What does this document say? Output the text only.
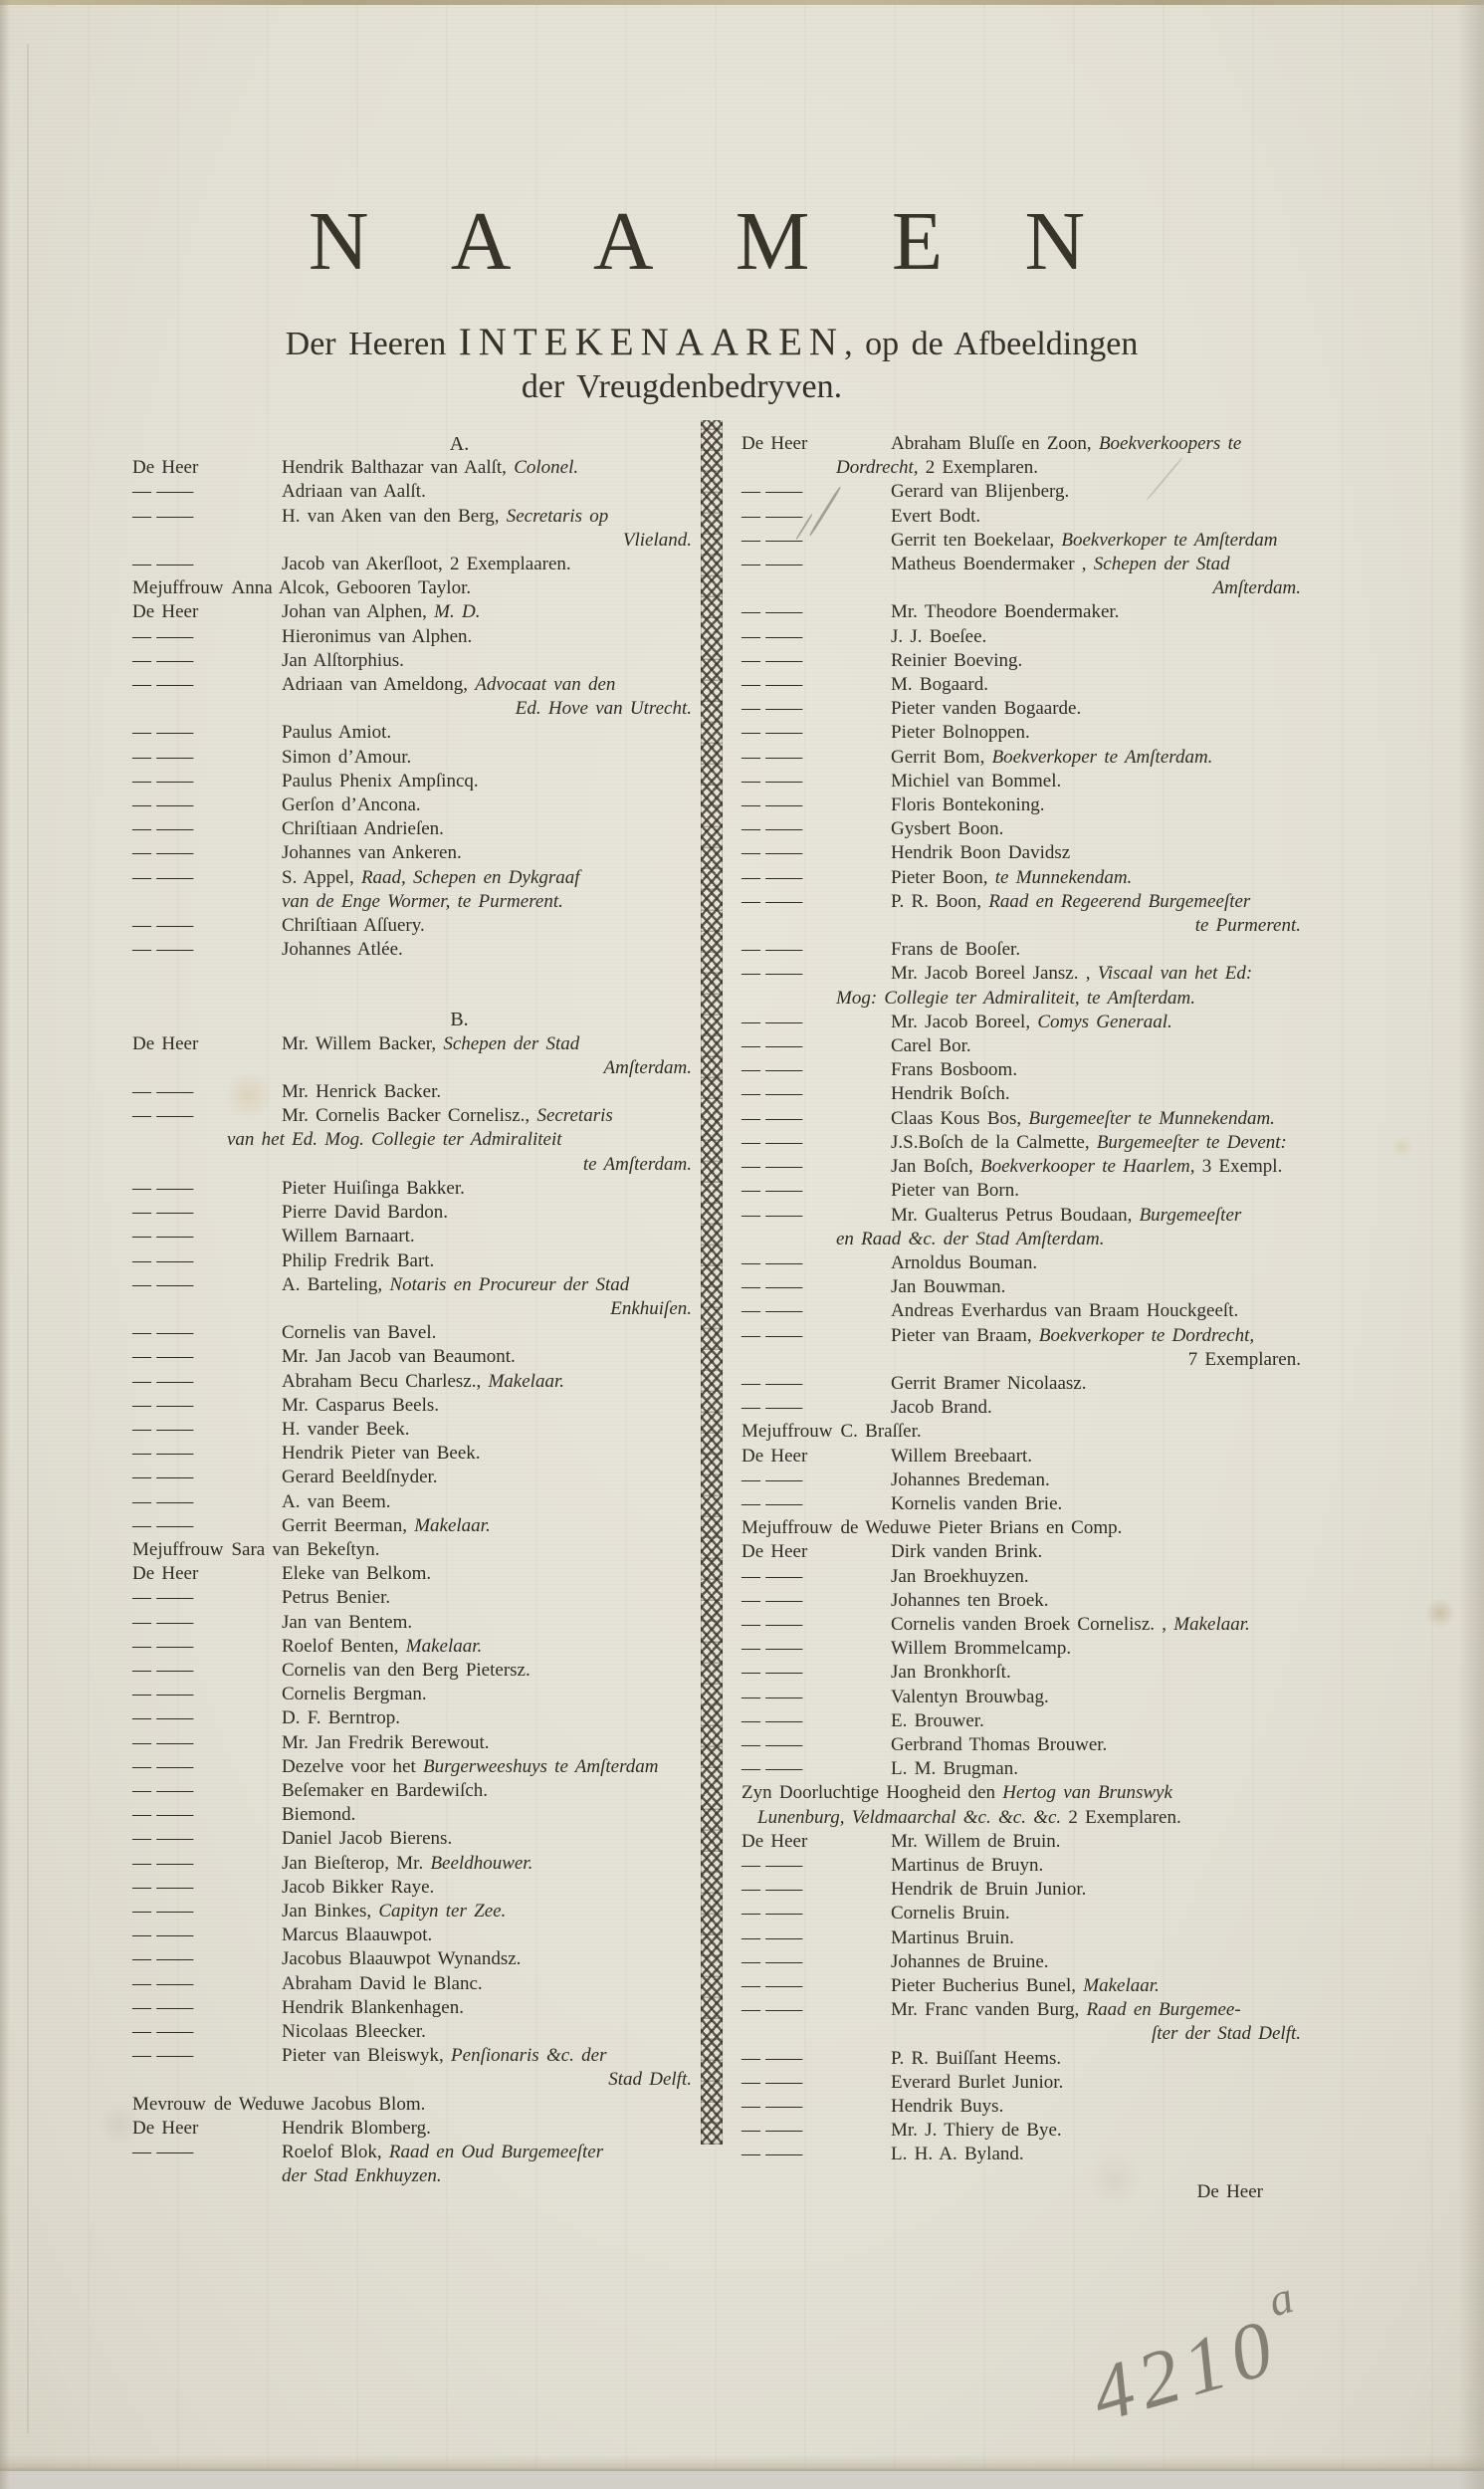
NAAMEN
Der Heeren INTEKENAAREN, op de Afbeeldingen
der Vreugdenbedryven.
A.
De Heer	Hendrik Balthazar van Aalſt, Colonel.
— ——	Adriaan van Aalſt.
— ——	H. van Aken van den Berg, Secretaris op
Vlieland.
— ——	Jacob van Akerſloot, 2 Exemplaaren.
Mejuffrouw Anna Alcok, Gebooren Taylor.
De Heer	Johan van Alphen, M. D.
— ——	Hieronimus van Alphen.
— ——	Jan Alſtorphius.
— ——	Adriaan van Ameldong, Advocaat van den
Ed. Hove van Utrecht.
— ——	Paulus Amiot.
— ——	Simon d’Amour.
— ——	Paulus Phenix Ampſincq.
— ——	Gerſon d’Ancona.
— ——	Chriſtiaan Andrieſen.
— ——	Johannes van Ankeren.
— ——	S. Appel, Raad, Schepen en Dykgraaf
van de Enge Wormer, te Purmerent.
— ——	Chriſtiaan Aſſuery.
— ——	Johannes Atlée.
B.
De Heer	Mr. Willem Backer, Schepen der Stad
Amſterdam.
— ——	Mr. Henrick Backer.
— ——	Mr. Cornelis Backer Cornelisz., Secretaris
van het Ed. Mog. Collegie ter Admiraliteit
te Amſterdam.
— ——	Pieter Huiſinga Bakker.
— ——	Pierre David Bardon.
— ——	Willem Barnaart.
— ——	Philip Fredrik Bart.
— ——	A. Barteling, Notaris en Procureur der Stad
Enkhuiſen.
— ——	Cornelis van Bavel.
— ——	Mr. Jan Jacob van Beaumont.
— ——	Abraham Becu Charlesz., Makelaar.
— ——	Mr. Casparus Beels.
— ——	H. vander Beek.
— ——	Hendrik Pieter van Beek.
— ——	Gerard Beeldſnyder.
— ——	A. van Beem.
— ——	Gerrit Beerman, Makelaar.
Mejuffrouw Sara van Bekeſtyn.
De Heer	Eleke van Belkom.
— ——	Petrus Benier.
— ——	Jan van Bentem.
— ——	Roelof Benten, Makelaar.
— ——	Cornelis van den Berg Pietersz.
— ——	Cornelis Bergman.
— ——	D. F. Berntrop.
— ——	Mr. Jan Fredrik Berewout.
— ——	Dezelve voor het Burgerweeshuys te Amſterdam
— ——	Beſemaker en Bardewiſch.
— ——	Biemond.
— ——	Daniel Jacob Bierens.
— ——	Jan Bieſterop, Mr. Beeldhouwer.
— ——	Jacob Bikker Raye.
— ——	Jan Binkes, Capityn ter Zee.
— ——	Marcus Blaauwpot.
— ——	Jacobus Blaauwpot Wynandsz.
— ——	Abraham David le Blanc.
— ——	Hendrik Blankenhagen.
— ——	Nicolaas Bleecker.
— ——	Pieter van Bleiswyk, Penſionaris &c. der
Stad Delft.
Mevrouw de Weduwe Jacobus Blom.
De Heer	Hendrik Blomberg.
— ——	Roelof Blok, Raad en Oud Burgemeeſter
der Stad Enkhuyzen.
De Heer	Abraham Bluſſe en Zoon, Boekverkoopers te
Dordrecht, 2 Exemplaren.
— ——	Gerard van Blijenberg.
— ——	Evert Bodt.
— ——	Gerrit ten Boekelaar, Boekverkoper te Amſterdam
— ——	Matheus Boendermaker , Schepen der Stad
Amſterdam.
— ——	Mr. Theodore Boendermaker.
— ——	J. J. Boeſee.
— ——	Reinier Boeving.
— ——	M. Bogaard.
— ——	Pieter vanden Bogaarde.
— ——	Pieter Bolnoppen.
— ——	Gerrit Bom, Boekverkoper te Amſterdam.
— ——	Michiel van Bommel.
— ——	Floris Bontekoning.
— ——	Gysbert Boon.
— ——	Hendrik Boon Davidsz
— ——	Pieter Boon, te Munnekendam.
— ——	P. R. Boon, Raad en Regeerend Burgemeeſter
te Purmerent.
— ——	Frans de Booſer.
— ——	Mr. Jacob Boreel Jansz. , Viscaal van het Ed:
Mog: Collegie ter Admiraliteit, te Amſterdam.
— ——	Mr. Jacob Boreel, Comys Generaal.
— ——	Carel Bor.
— ——	Frans Bosboom.
— ——	Hendrik Boſch.
— ——	Claas Kous Bos, Burgemeeſter te Munnekendam.
— ——	J.S.Boſch de la Calmette, Burgemeeſter te Devent:
— ——	Jan Boſch, Boekverkooper te Haarlem, 3 Exempl.
— ——	Pieter van Born.
— ——	Mr. Gualterus Petrus Boudaan, Burgemeeſter
en Raad &c. der Stad Amſterdam.
— ——	Arnoldus Bouman.
— ——	Jan Bouwman.
— ——	Andreas Everhardus van Braam Houckgeeſt.
— ——	Pieter van Braam, Boekverkoper te Dordrecht,
7 Exemplaren.
— ——	Gerrit Bramer Nicolaasz.
— ——	Jacob Brand.
Mejuffrouw C. Braſſer.
De Heer	Willem Breebaart.
— ——	Johannes Bredeman.
— ——	Kornelis vanden Brie.
Mejuffrouw de Weduwe Pieter Brians en Comp.
De Heer	Dirk vanden Brink.
— ——	Jan Broekhuyzen.
— ——	Johannes ten Broek.
— ——	Cornelis vanden Broek Cornelisz. , Makelaar.
— ——	Willem Brommelcamp.
— ——	Jan Bronkhorſt.
— ——	Valentyn Brouwbag.
— ——	E. Brouwer.
— ——	Gerbrand Thomas Brouwer.
— ——	L. M. Brugman.
Zyn Doorluchtige Hoogheid den Hertog van Brunswyk
Lunenburg, Veldmaarchal &c. &c. &c. 2 Exemplaren.
De Heer	Mr. Willem de Bruin.
— ——	Martinus de Bruyn.
— ——	Hendrik de Bruin Junior.
— ——	Cornelis Bruin.
— ——	Martinus Bruin.
— ——	Johannes de Bruine.
— ——	Pieter Bucherius Bunel, Makelaar.
— ——	Mr. Franc vanden Burg, Raad en Burgemee-
ſter der Stad Delft.
— ——	P. R. Buiſſant Heems.
— ——	Everard Burlet Junior.
— ——	Hendrik Buys.
— ——	Mr. J. Thiery de Bye.
— ——	L. H. A. Byland.
De Heer
4210$^a$
